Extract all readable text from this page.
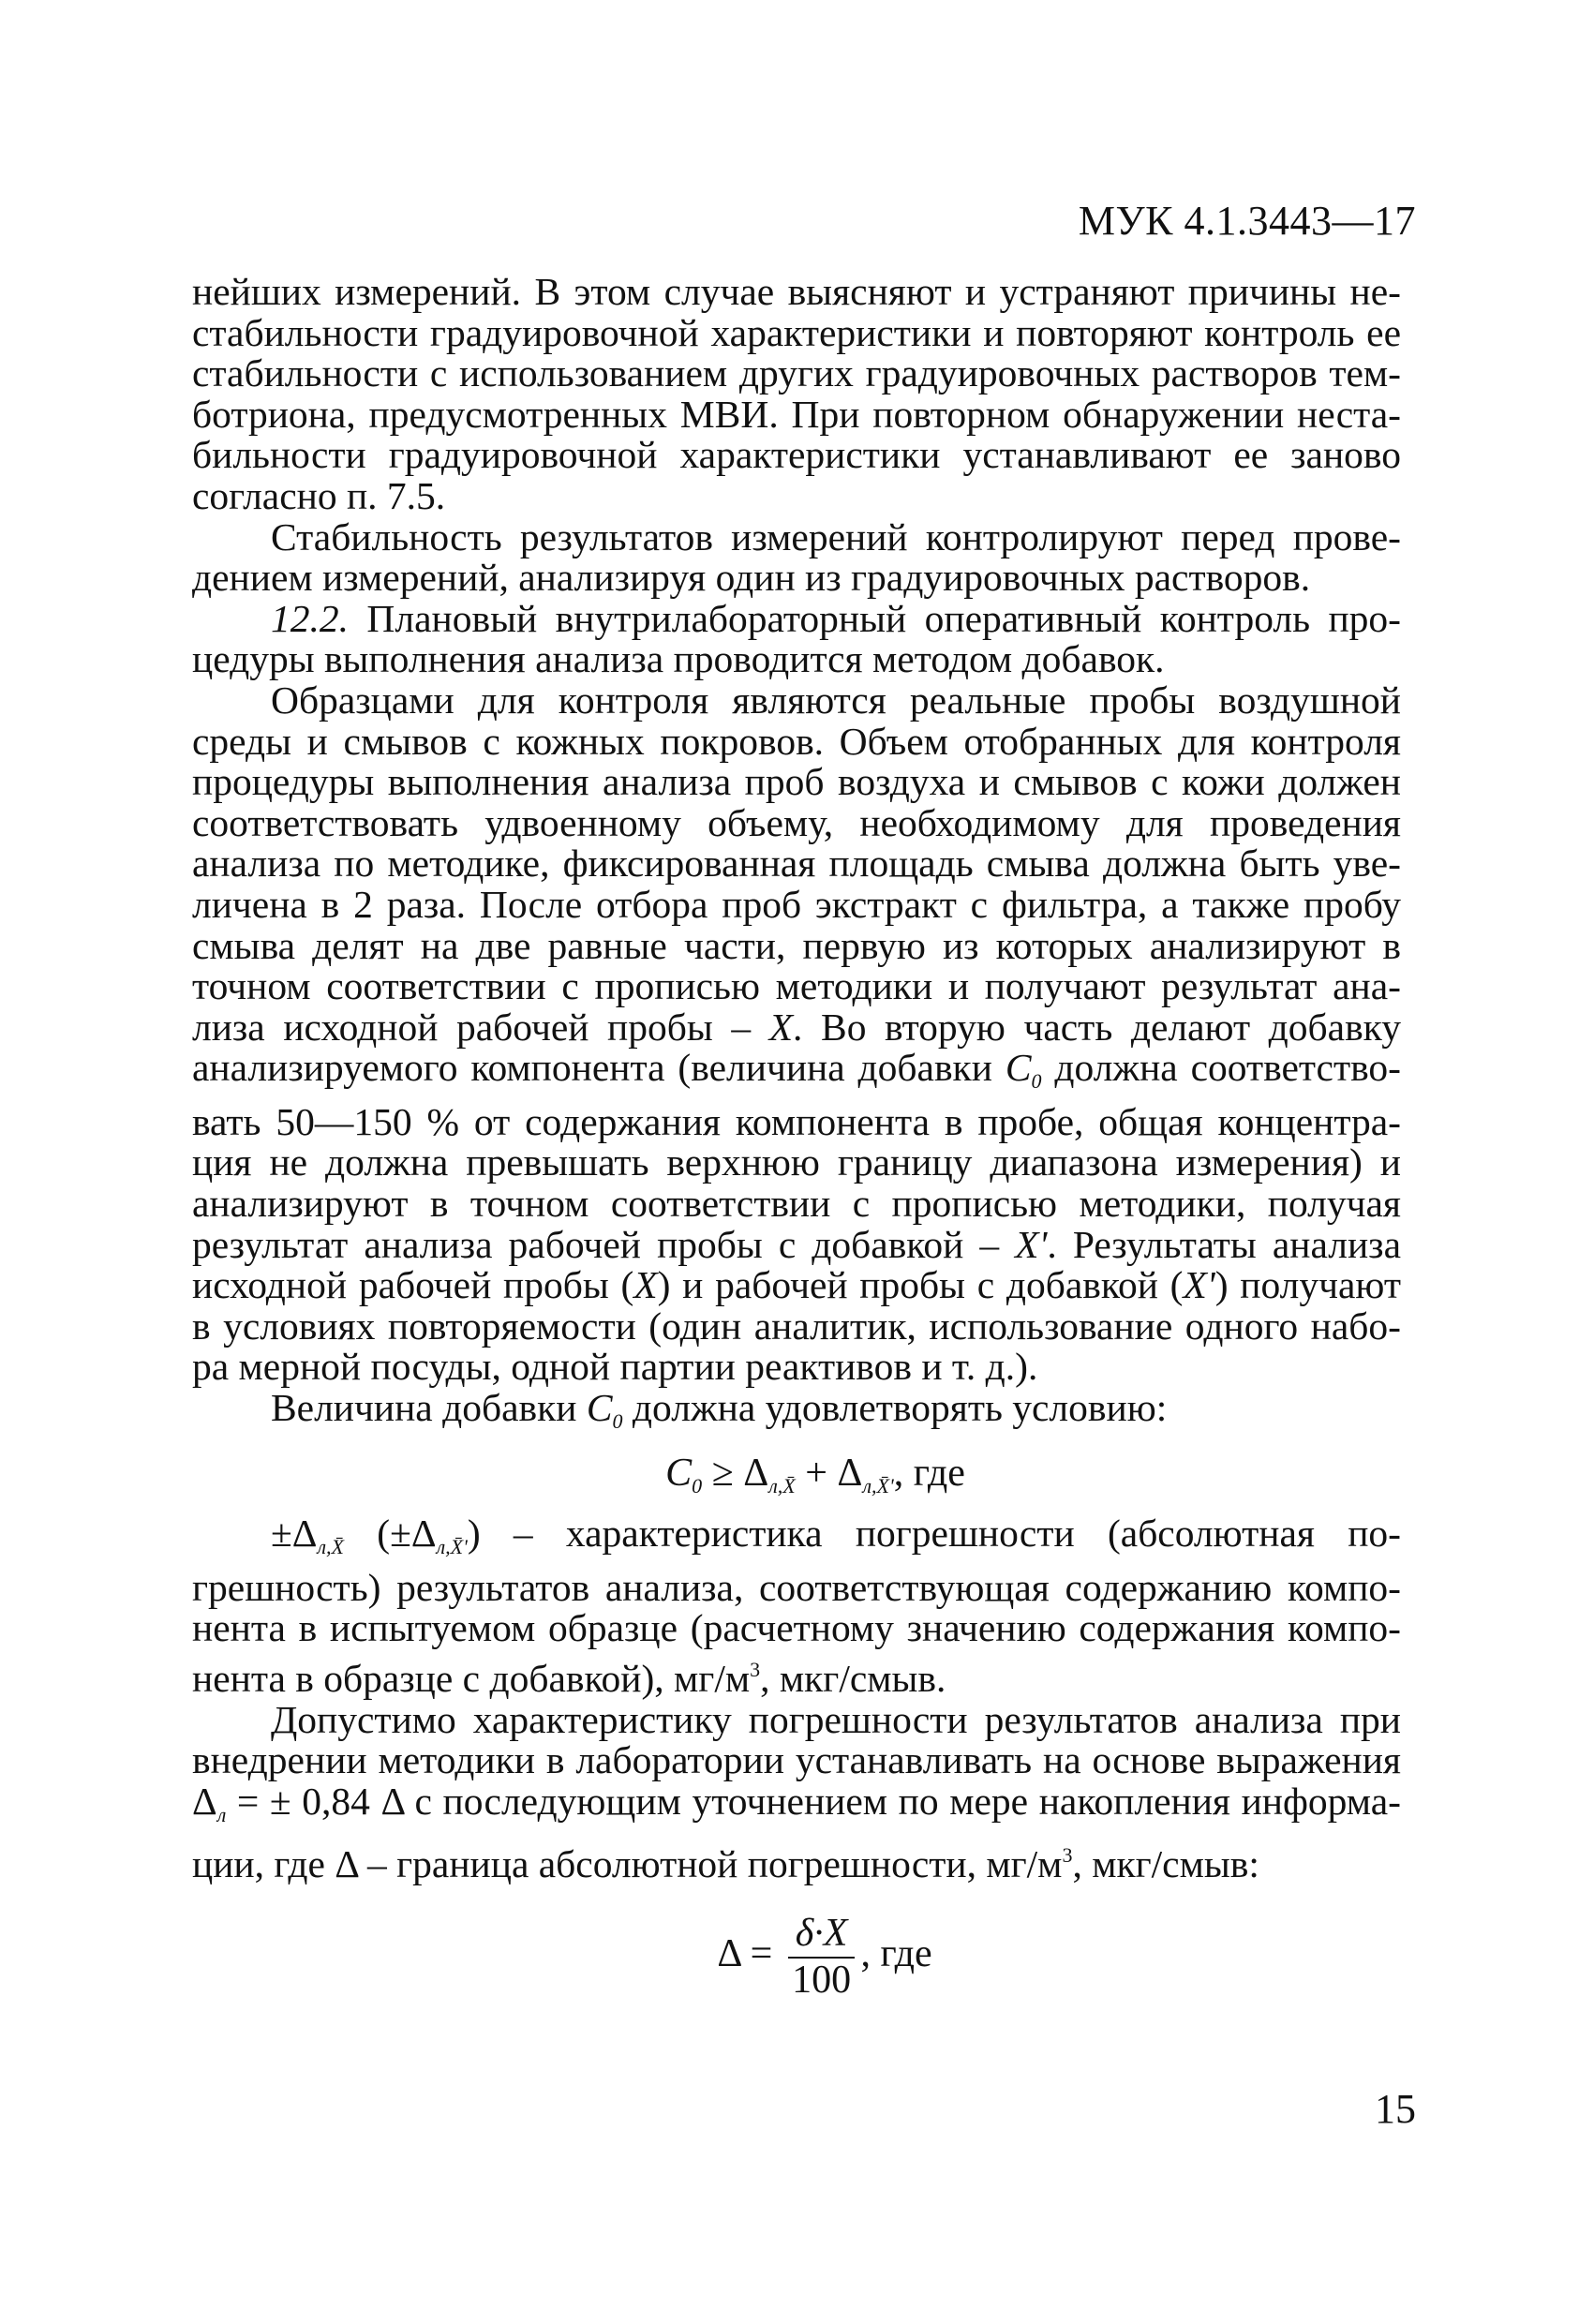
МУК 4.1.3443—17

нейших измерений. В этом случае выясняют и устраняют причины не-стабильности градуировочной характеристики и повторяют контроль ее стабильности с использованием других градуировочных растворов тем-ботриона, предусмотренных МВИ. При повторном обнаружении неста-бильности градуировочной характеристики устанавливают ее заново согласно п. 7.5.

Стабильность результатов измерений контролируют перед прове-дением измерений, анализируя один из градуировочных растворов.

12.2. Плановый внутрилабораторный оперативный контроль про-цедуры выполнения анализа проводится методом добавок.

Образцами для контроля являются реальные пробы воздушной среды и смывов с кожных покровов. Объем отобранных для контроля процедуры выполнения анализа проб воздуха и смывов с кожи должен соответствовать удвоенному объему, необходимому для проведения анализа по методике, фиксированная площадь смыва должна быть уве-личена в 2 раза. После отбора проб экстракт с фильтра, а также пробу смыва делят на две равные части, первую из которых анализируют в точном соответствии с прописью методики и получают результат ана-лиза исходной рабочей пробы – X. Во вторую часть делают добавку анализируемого компонента (величина добавки $C_0$ должна соответство-вать 50—150 % от содержания компонента в пробе, общая концентра-ция не должна превышать верхнюю границу диапазона измерения) и анализируют в точном соответствии с прописью методики, получая результат анализа рабочей пробы с добавкой – X'. Результаты анализа исходной рабочей пробы (X) и рабочей пробы с добавкой (X') получают в условиях повторяемости (один аналитик, использование одного набо-ра мерной посуды, одной партии реактивов и т. д.).

Величина добавки $C_0$ должна удовлетворять условию:

$C_0 \ge \Delta_{л,X̄} + \Delta_{л,X̄'}$, где

$\pm\Delta_{л,X̄}$ $(\pm\Delta_{л,X̄'})$ – характеристика погрешности (абсолютная по-грешность) результатов анализа, соответствующая содержанию компо-нента в испытуемом образце (расчетному значению содержания компо-нента в образце с добавкой), $мг/м^3$, мкг/смыв.

Допустимо характеристику погрешности результатов анализа при внедрении методики в лаборатории устанавливать на основе выражения $\Delta_л$ = ± 0,84 Δ с последующим уточнением по мере накопления информа-ции, где Δ – граница абсолютной погрешности, $мг/м^3$, мкг/смыв:

$\Delta = \frac{\delta\cdot X}{100}$ , где
15
